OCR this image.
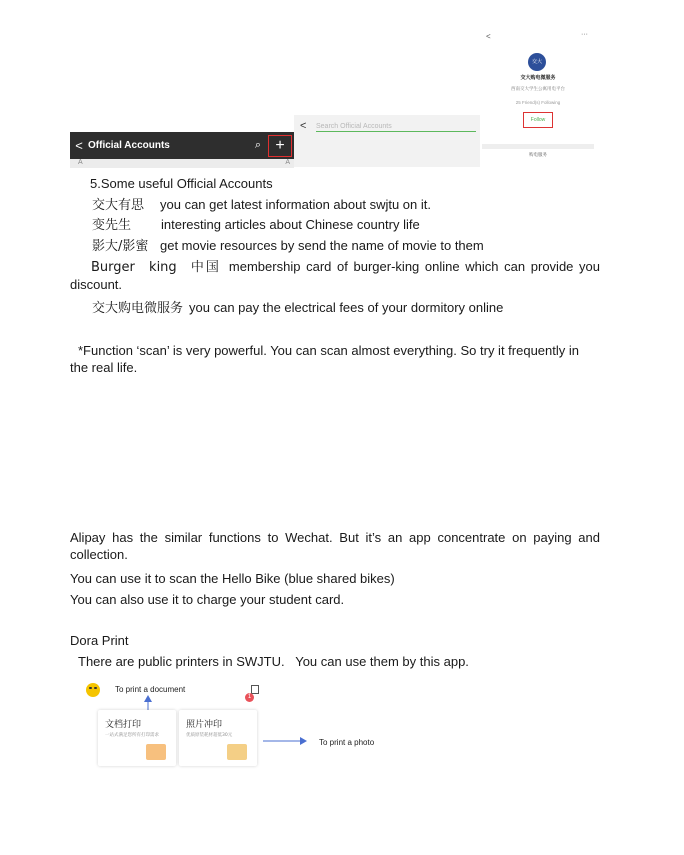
< Official Accounts	⌕ +
A	A
< Search Official Accounts
<	···
交大
交大购电微服务
西南交大学生公寓用电平台
25 Friend(s) Following
Follow
购电服务
5.Some useful Official Accounts
交大有思 you can get latest information about swjtu on it.
变先生 interesting articles about Chinese country life
影大/影蜜 get movie resources by send the name of movie to them
Burger king 中国 membership card of burger-king online which can provide you discount.
交大购电微服务 you can pay the electrical fees of your dormitory online
*Function ‘scan’ is very powerful. You can scan almost everything. So try it frequently in the real life.
Alipay has the similar functions to Wechat. But it’s an app concentrate on paying and collection.
You can use it to scan the Hello Bike (blue shared bikes)
You can also use it to charge your student card.
Dora Print
There are public printers in SWJTU.   You can use them by this app.
To print a document
1
文档打印
一站式满足您所有打印需求
照片冲印
优质原装耗材超低30元
To print a photo
